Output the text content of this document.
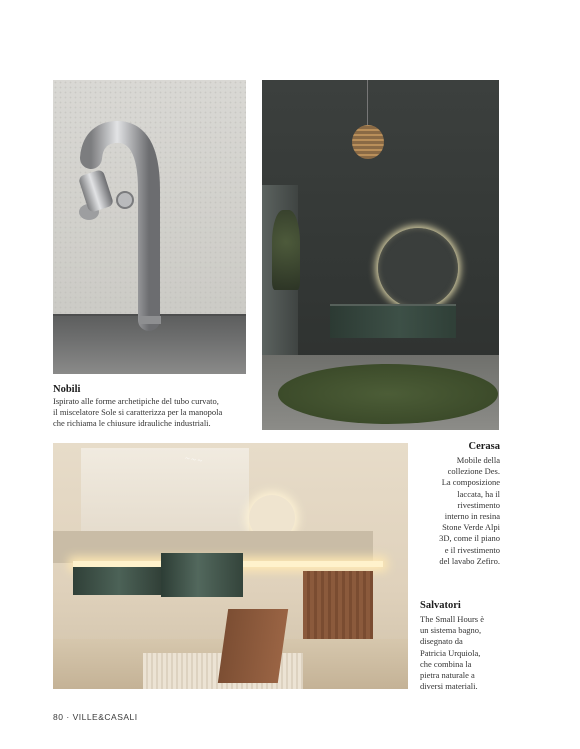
Nobili

Ispirato alle forme archetipiche del tubo curvato,
il miscelatore Sole si caratterizza per la manopola
che richiama le chiusure idrauliche industriali.

~ ~ ~

Cerasa

Mobile della
collezione Des.
La composizione
laccata, ha il
rivestimento
interno in resina
Stone Verde Alpi
3D, come il piano
e il rivestimento
del lavabo Zefiro.

Salvatori

The Small Hours è
un sistema bagno,
disegnato da
Patricia Urquiola,
che combina la
pietra naturale a
diversi materiali.

80 · VILLE&CASALI
